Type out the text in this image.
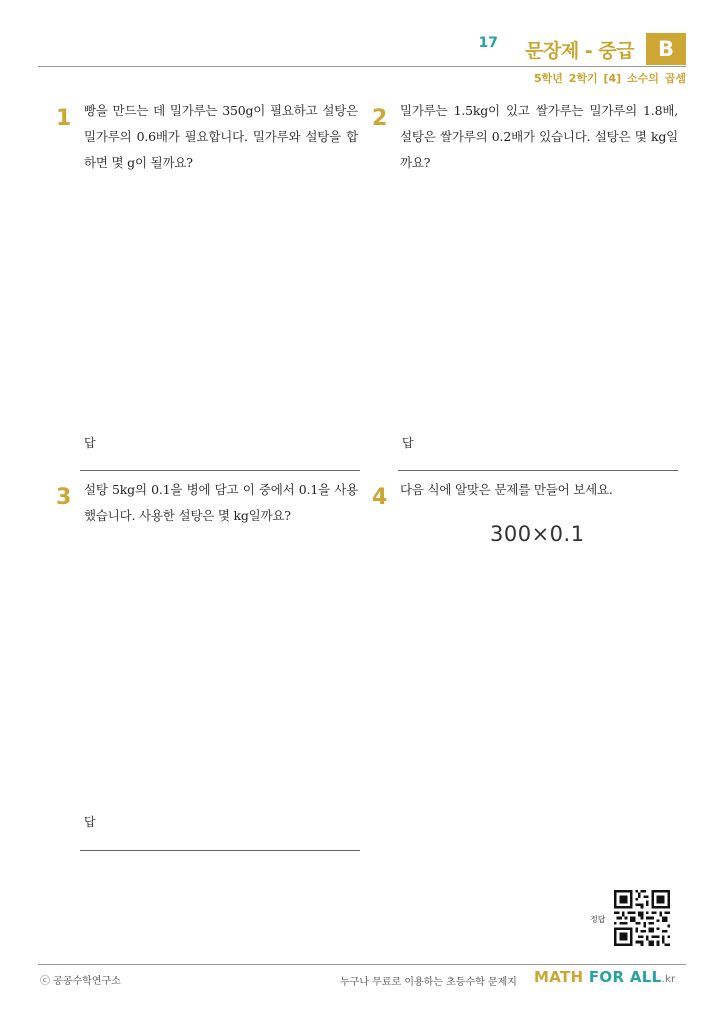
17 문장제 - 중급	B
5학년 2학기 [4] 소수의 곱셈
1 빵을 만드는 데 밀가루는 350g이 필요하고 설탕은 밀가루의 0.6배가 필요합니다. 밀가루와 설탕을 합하면 몇 g이 될까요?
답
2 밀가루는 1.5kg이 있고 쌀가루는 밀가루의 1.8배, 설탕은 쌀가루의 0.2배가 있습니다. 설탕은 몇 kg일까요?
답
3 설탕 5kg의 0.1을 병에 담고 이 중에서 0.1을 사용했습니다. 사용한 설탕은 몇 kg일까요?
답
4 다음 식에 알맞은 문제를 만들어 보세요.
300×0.1
정답
ⓒ 공공수학연구소	누구나 무료로 이용하는 초등수학 문제지 MATH FOR ALL.kr
